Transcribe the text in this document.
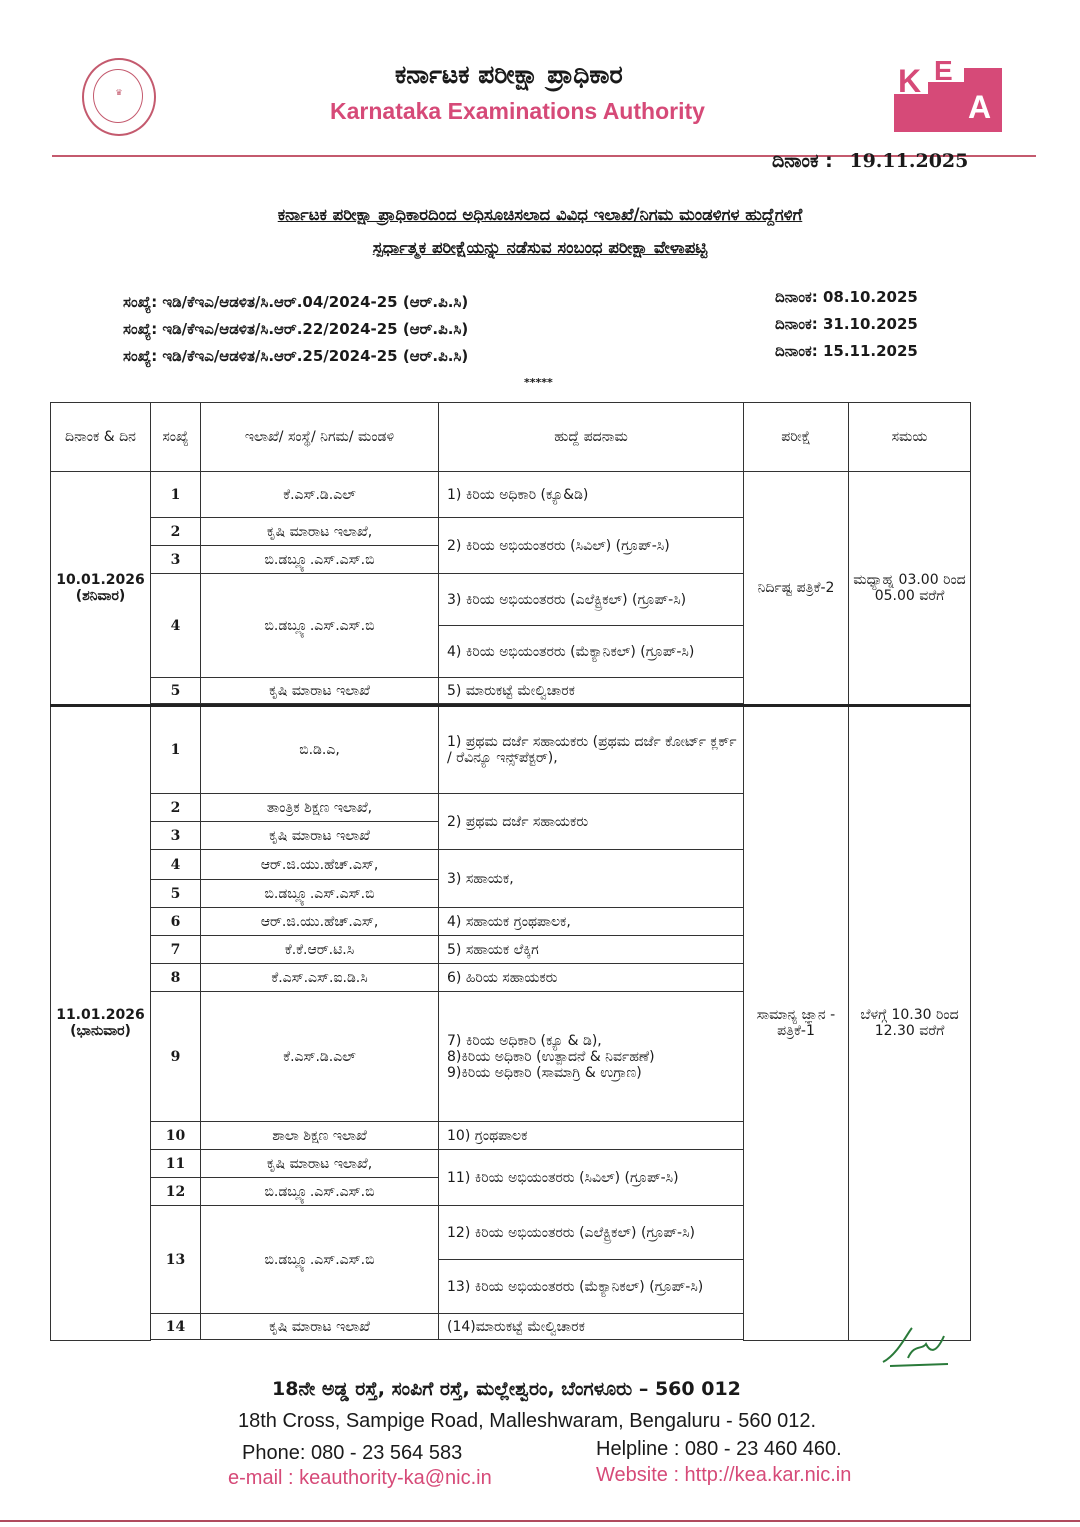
♛
ಕರ್ನಾಟಕ ಪರೀಕ್ಷಾ ಪ್ರಾಧಿಕಾರ
Karnataka Examinations Authority
K E
A
ದಿನಾಂಕ : 19.11.2025
ಕರ್ನಾಟಕ ಪರೀಕ್ಷಾ ಪ್ರಾಧಿಕಾರದಿಂದ ಅಧಿಸೂಚಿಸಲಾದ ವಿವಿಧ ಇಲಾಖೆ/ನಿಗಮ ಮಂಡಳಿಗಳ ಹುದ್ದೆಗಳಿಗೆ
ಸ್ಪರ್ಧಾತ್ಮಕ ಪರೀಕ್ಷೆಯನ್ನು ನಡೆಸುವ ಸಂಬಂಧ ಪರೀಕ್ಷಾ ವೇಳಾಪಟ್ಟಿ
ಸಂಖ್ಯೆ: ಇಡಿ/ಕೆಇಎ/ಆಡಳಿತ/ಸಿ.ಆರ್.04/2024-25 (ಆರ್.ಪಿ.ಸಿ)	ದಿನಾಂಕ: 08.10.2025
ಸಂಖ್ಯೆ: ಇಡಿ/ಕೆಇಎ/ಆಡಳಿತ/ಸಿ.ಆರ್.22/2024-25 (ಆರ್.ಪಿ.ಸಿ)	ದಿನಾಂಕ: 31.10.2025
ಸಂಖ್ಯೆ: ಇಡಿ/ಕೆಇಎ/ಆಡಳಿತ/ಸಿ.ಆರ್.25/2024-25 (ಆರ್.ಪಿ.ಸಿ)	ದಿನಾಂಕ: 15.11.2025
*****
ದಿನಾಂಕ & ದಿನ	ಸಂಖ್ಯೆ	ಇಲಾಖೆ/ ಸಂಸ್ಥೆ/ ನಿಗಮ/ ಮಂಡಳಿ	ಹುದ್ದೆ ಪದನಾಮ	ಪರೀಕ್ಷೆ	ಸಮಯ

10.01.2026
(ಶನಿವಾರ)	1	ಕೆ.ಎಸ್.ಡಿ.ಎಲ್	1) ಕಿರಿಯ ಅಧಿಕಾರಿ (ಕ್ಯೂ&ಡಿ)	ನಿರ್ದಿಷ್ಟ ಪತ್ರಿಕೆ-2	ಮಧ್ಯಾಹ್ನ 03.00 ರಿಂದ 05.00 ವರೆಗೆ
	2	ಕೃಷಿ ಮಾರಾಟ ಇಲಾಖೆ,	2) ಕಿರಿಯ ಅಭಿಯಂತರರು (ಸಿವಿಲ್) (ಗ್ರೂಪ್-ಸಿ)		
	3	ಬಿ.ಡಬ್ಲ್ಯೂ.ಎಸ್.ಎಸ್.ಬಿ			
	4	ಬಿ.ಡಬ್ಲ್ಯೂ.ಎಸ್.ಎಸ್.ಬಿ	3) ಕಿರಿಯ ಅಭಿಯಂತರರು (ಎಲೆಕ್ಟ್ರಿಕಲ್) (ಗ್ರೂಪ್-ಸಿ)		
			4) ಕಿರಿಯ ಅಭಿಯಂತರರು (ಮೆಕ್ಯಾನಿಕಲ್) (ಗ್ರೂಪ್-ಸಿ)		
	5	ಕೃಷಿ ಮಾರಾಟ ಇಲಾಖೆ	5) ಮಾರುಕಟ್ಟೆ ಮೇಲ್ವಿಚಾರಕ		

11.01.2026
(ಭಾನುವಾರ)	1	ಬಿ.ಡಿ.ಎ,	1) ಪ್ರಥಮ ದರ್ಜೆ ಸಹಾಯಕರು (ಪ್ರಥಮ ದರ್ಜೆ ಕೋರ್ಟ್ ಕ್ಲರ್ಕ್ / ರೆವಿನ್ಯೂ ಇನ್ಸ್‌ಪೆಕ್ಟರ್),	ಸಾಮಾನ್ಯ ಜ್ಞಾನ - ಪತ್ರಿಕೆ-1	ಬೆಳಗ್ಗೆ 10.30 ರಿಂದ 12.30 ವರೆಗೆ
	2	ತಾಂತ್ರಿಕ ಶಿಕ್ಷಣ ಇಲಾಖೆ,	2) ಪ್ರಥಮ ದರ್ಜೆ ಸಹಾಯಕರು		
	3	ಕೃಷಿ ಮಾರಾಟ ಇಲಾಖೆ			
	4	ಆರ್.ಜಿ.ಯು.ಹೆಚ್.ಎಸ್,	3) ಸಹಾಯಕ,		
	5	ಬಿ.ಡಬ್ಲ್ಯೂ.ಎಸ್.ಎಸ್.ಬಿ			
	6	ಆರ್.ಜಿ.ಯು.ಹೆಚ್.ಎಸ್,	4) ಸಹಾಯಕ ಗ್ರಂಥಪಾಲಕ,		
	7	ಕೆ.ಕೆ.ಆರ್.ಟಿ.ಸಿ	5) ಸಹಾಯಕ ಲೆಕ್ಕಿಗ		
	8	ಕೆ.ಎಸ್.ಎಸ್.ಐ.ಡಿ.ಸಿ	6) ಹಿರಿಯ ಸಹಾಯಕರು		
	9	ಕೆ.ಎಸ್.ಡಿ.ಎಲ್	7) ಕಿರಿಯ ಅಧಿಕಾರಿ (ಕ್ಯೂ & ಡಿ),
8)ಕಿರಿಯ ಅಧಿಕಾರಿ (ಉತ್ಪಾದನೆ & ನಿರ್ವಹಣೆ)
9)ಕಿರಿಯ ಅಧಿಕಾರಿ (ಸಾಮಾಗ್ರಿ & ಉಗ್ರಾಣ)		

	10	ಶಾಲಾ ಶಿಕ್ಷಣ ಇಲಾಖೆ	10) ಗ್ರಂಥಪಾಲಕ		
	11	ಕೃಷಿ ಮಾರಾಟ ಇಲಾಖೆ,	11) ಕಿರಿಯ ಅಭಿಯಂತರರು (ಸಿವಿಲ್) (ಗ್ರೂಪ್-ಸಿ)		
	12	ಬಿ.ಡಬ್ಲ್ಯೂ.ಎಸ್.ಎಸ್.ಬಿ			
	13	ಬಿ.ಡಬ್ಲ್ಯೂ.ಎಸ್.ಎಸ್.ಬಿ	12) ಕಿರಿಯ ಅಭಿಯಂತರರು (ಎಲೆಕ್ಟ್ರಿಕಲ್) (ಗ್ರೂಪ್-ಸಿ)		
			13) ಕಿರಿಯ ಅಭಿಯಂತರರು (ಮೆಕ್ಯಾನಿಕಲ್) (ಗ್ರೂಪ್-ಸಿ)		
	14	ಕೃಷಿ ಮಾರಾಟ ಇಲಾಖೆ	(14)ಮಾರುಕಟ್ಟೆ ಮೇಲ್ವಿಚಾರಕ		

18ನೇ ಅಡ್ಡ ರಸ್ತೆ, ಸಂಪಿಗೆ ರಸ್ತೆ, ಮಲ್ಲೇಶ್ವರಂ, ಬೆಂಗಳೂರು – 560 012
18th Cross, Sampige Road, Malleshwaram, Bengaluru - 560 012.
Phone: 080 - 23 564 583	Helpline : 080 - 23 460 460.
e-mail : keauthority-ka@nic.in	Website : http://kea.kar.nic.in
